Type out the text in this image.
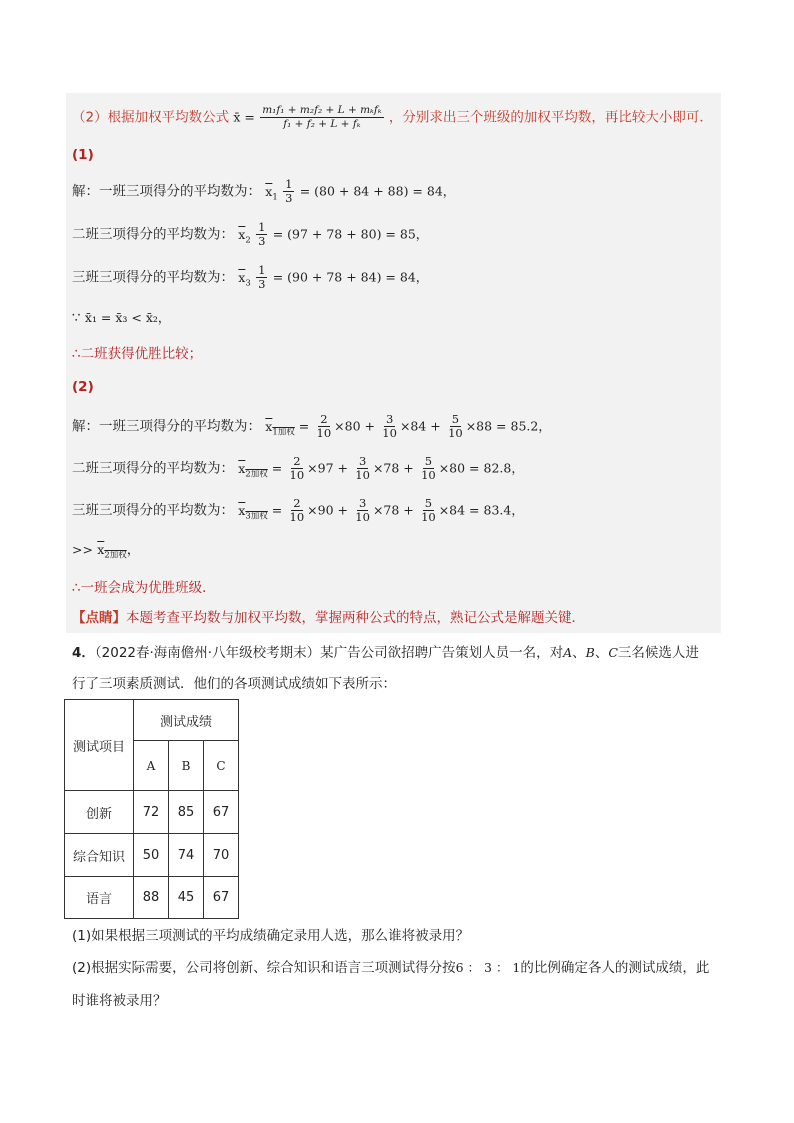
（2）根据加权平均数公式 x̄ = $\frac{\text{m₁f₁ + m₂f₂ + L + mₖfₖ}}{\text{f₁ + f₂ + L + fₖ}}$ ，分别求出三个班级的加权平均数，再比较大小即可．
(1)
解：一班三项得分的平均数为： $\overline{x}_1 \frac{1}{3} = (80 + 84 + 88) = 84$，
二班三项得分的平均数为： $\overline{x}_2 \frac{1}{3} = (97 + 78 + 80) = 85$，
三班三项得分的平均数为： $\overline{x}_3 \frac{1}{3} = (90 + 78 + 84) = 84$，
∵ x̄₁ = x̄₃ < x̄₂，
∴二班获得优胜比较；
(2)
解：一班三项得分的平均数为： $x_{1加权} = \frac{2}{10} \times 80 + \frac{3}{10} \times 84 + \frac{5}{10} \times 88 = 85.2$，
二班三项得分的平均数为： $x_{2加权} = \frac{2}{10} \times 97 + \frac{3}{10} \times 78 + \frac{5}{10} \times 80 = 82.8$，
三班三项得分的平均数为： $x_{3加权} = \frac{2}{10} \times 90 + \frac{3}{10} \times 78 + \frac{5}{10} \times 84 = 83.4$，
>> $x_{2加权}$，
∴一班会成为优胜班级．
【点睛】本题考查平均数与加权平均数，掌握两种公式的特点，熟记公式是解题关键．
4．（2022春·海南儋州·八年级校考期末）某广告公司欲招聘广告策划人员一名，对A、B、C三名候选人进
行了三项素质测试．他们的各项测试成绩如下表所示：
测试项目	测试成绩		
	A	B	C
创新	72	85	67
综合知识	50	74	70
语言	88	45	67
(1)如果根据三项测试的平均成绩确定录用人选，那么谁将被录用？
(2)根据实际需要，公司将创新、综合知识和语言三项测试得分按6 ： 3 ： 1的比例确定各人的测试成绩，此
时谁将被录用？
